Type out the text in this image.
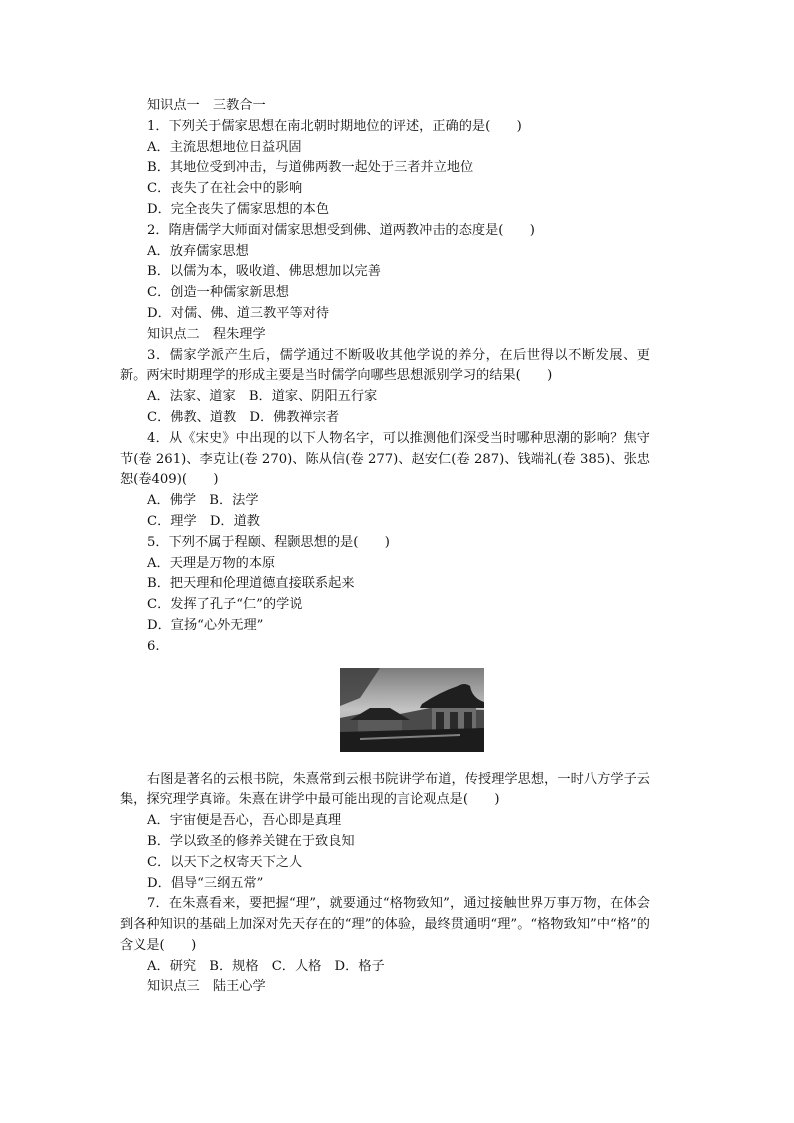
知识点一　三教合一
1．下列关于儒家思想在南北朝时期地位的评述，正确的是(　　)
A．主流思想地位日益巩固
B．其地位受到冲击，与道佛两教一起处于三者并立地位
C．丧失了在社会中的影响
D．完全丧失了儒家思想的本色
2．隋唐儒学大师面对儒家思想受到佛、道两教冲击的态度是(　　)
A．放弃儒家思想
B．以儒为本，吸收道、佛思想加以完善
C．创造一种儒家新思想
D．对儒、佛、道三教平等对待
知识点二　程朱理学
3．儒家学派产生后，儒学通过不断吸收其他学说的养分，在后世得以不断发展、更新。两宋时期理学的形成主要是当时儒学向哪些思想派别学习的结果(　　)
A．法家、道家　B．道家、阴阳五行家
C．佛教、道教　D．佛教禅宗者
4．从《宋史》中出现的以下人物名字，可以推测他们深受当时哪种思潮的影响？焦守节(卷 261)、李克让(卷 270)、陈从信(卷 277)、赵安仁(卷 287)、钱端礼(卷 385)、张忠恕(卷409)(　　)
A．佛学　B．法学
C．理学　D．道教
5．下列不属于程颐、程颢思想的是(　　)
A．天理是万物的本原
B．把天理和伦理道德直接联系起来
C．发挥了孔子“仁”的学说
D．宣扬“心外无理”
6.
右图是著名的云根书院，朱熹常到云根书院讲学布道，传授理学思想，一时八方学子云集，探究理学真谛。朱熹在讲学中最可能出现的言论观点是(　　)
A．宇宙便是吾心，吾心即是真理
B．学以致圣的修养关键在于致良知
C．以天下之权寄天下之人
D．倡导“三纲五常”
7．在朱熹看来，要把握“理”，就要通过“格物致知”，通过接触世界万事万物，在体会到各种知识的基础上加深对先天存在的“理”的体验，最终贯通明“理”。“格物致知”中“格”的含义是(　　)
A．研究　B．规格　C．人格　D．格子
知识点三　陆王心学
